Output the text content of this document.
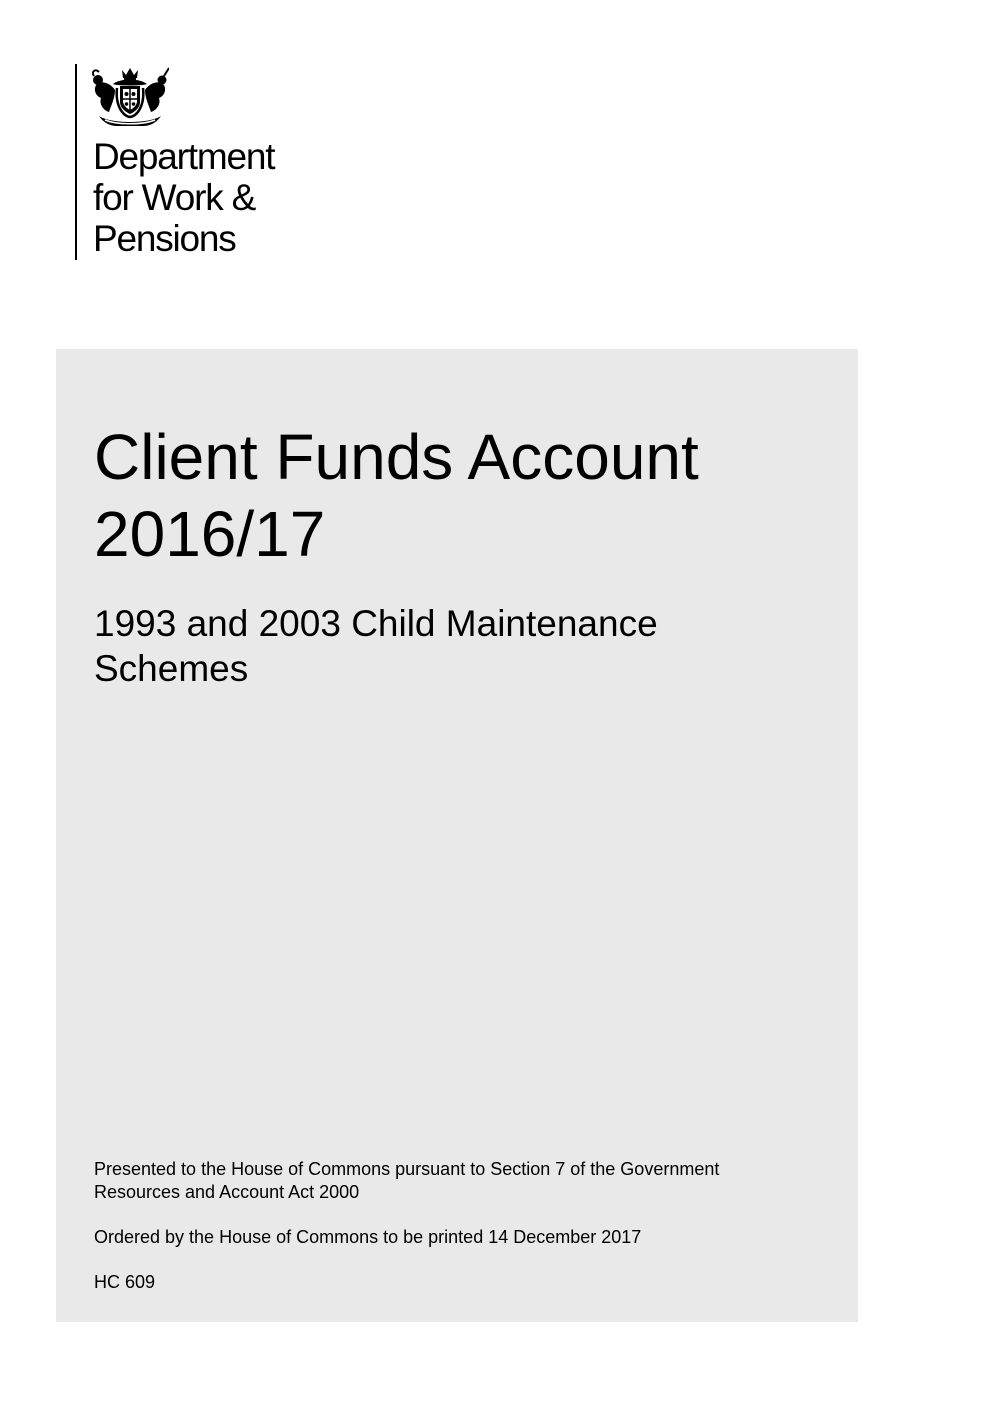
Department
for Work &
Pensions
Client Funds Account
2016/17
1993 and 2003 Child Maintenance
Schemes

Presented to the House of Commons pursuant to Section 7 of the Government
Resources and Account Act 2000

Ordered by the House of Commons to be printed 14 December 2017

HC 609
